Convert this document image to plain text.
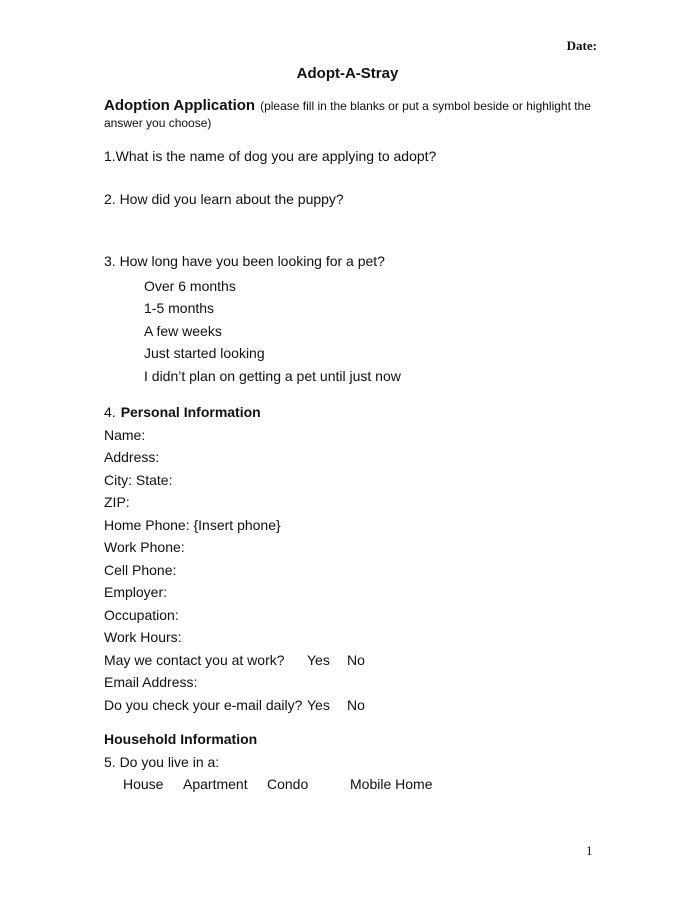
Date:
Adopt-A-Stray

Adoption Application (please fill in the blanks or put a symbol beside or highlight the

answer you choose)

1.What is the name of dog you are applying to adopt?

2. How did you learn about the puppy?

3. How long have you been looking for a pet?

Over 6 months

1-5 months

A few weeks

Just started looking

I didn’t plan on getting a pet until just now

4. Personal Information

Name:

Address:

City: State:

ZIP:

Home Phone: {Insert phone}

Work Phone:

Cell Phone:

Employer:

Occupation:

Work Hours:

May we contact you at work? Yes No

Email Address:

Do you check your e-mail daily? Yes No

Household Information

5. Do you live in a:

House Apartment Condo	Mobile Home

1
